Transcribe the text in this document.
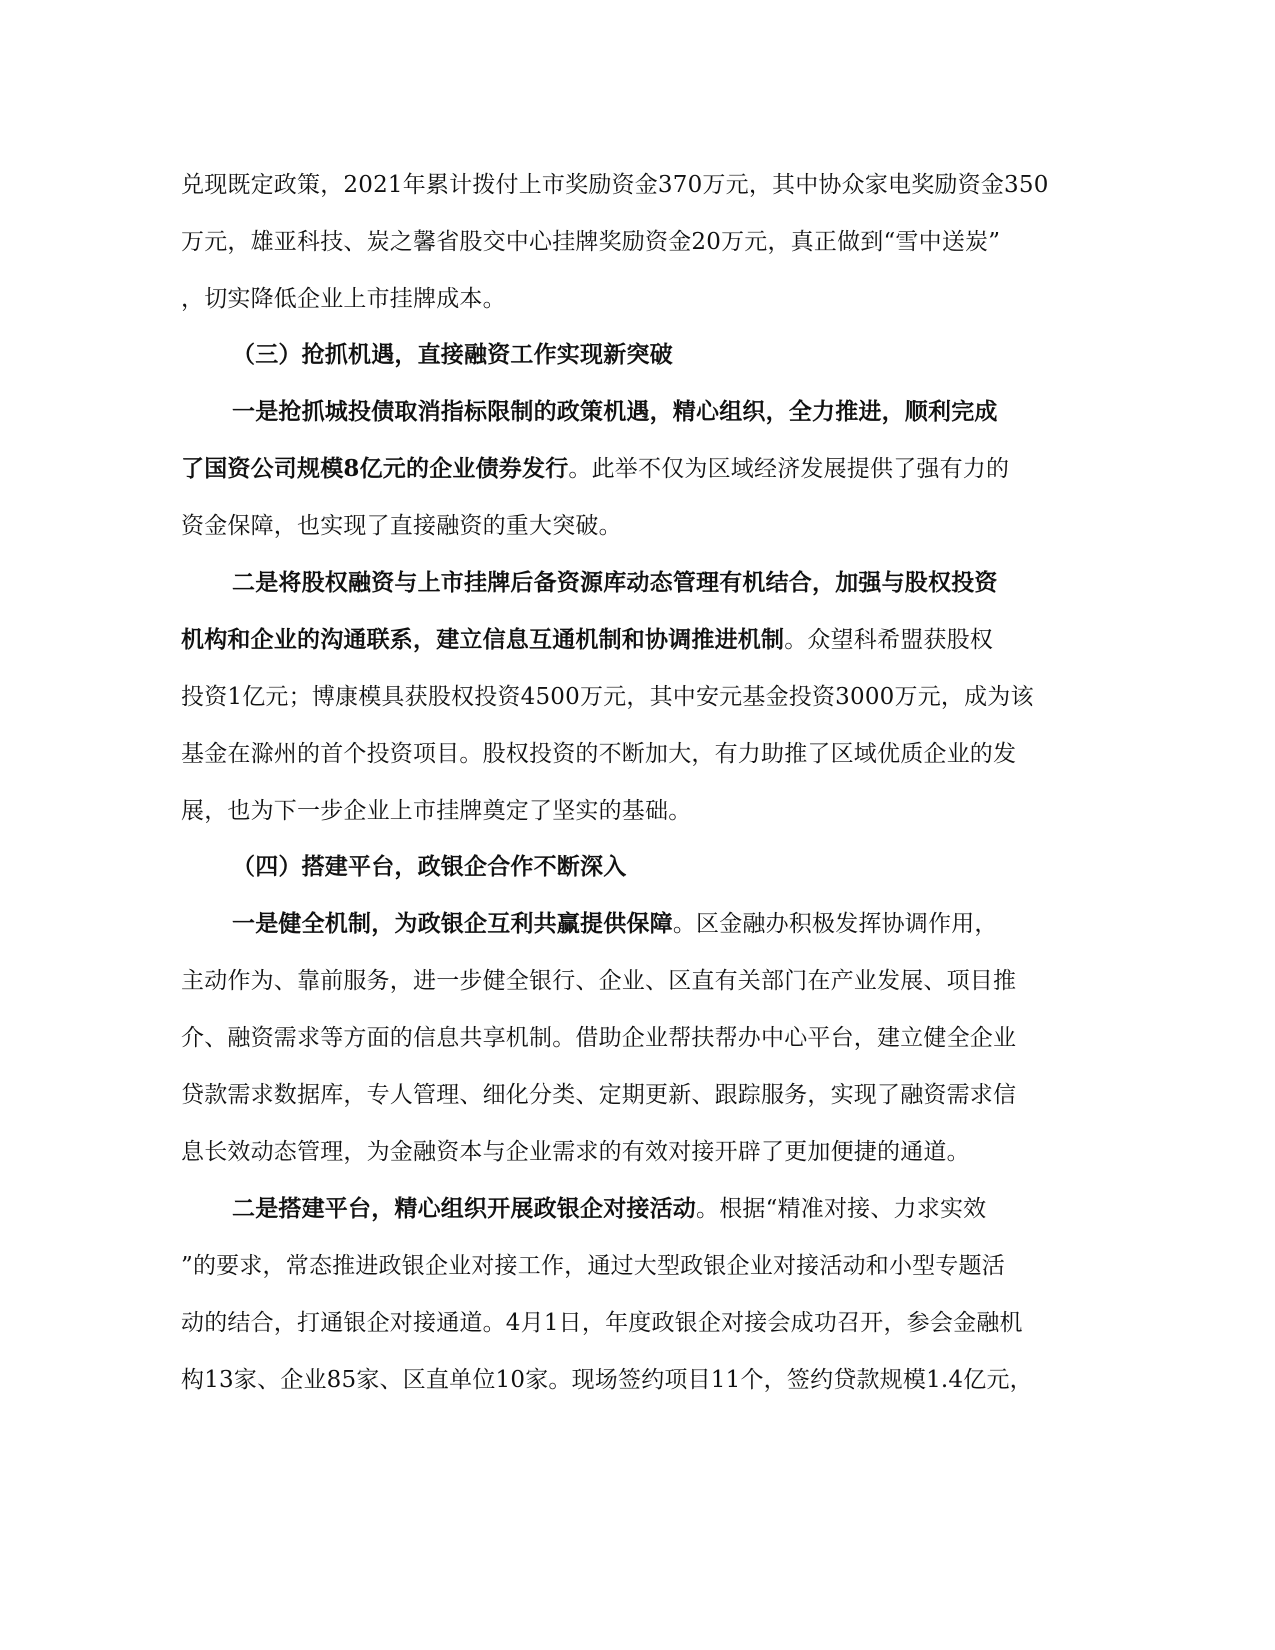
兑现既定政策，2021年累计拨付上市奖励资金370万元，其中协众家电奖励资金350
万元，雄亚科技、炭之馨省股交中心挂牌奖励资金20万元，真正做到“雪中送炭”
，切实降低企业上市挂牌成本。
（三）抢抓机遇，直接融资工作实现新突破
一是抢抓城投债取消指标限制的政策机遇，精心组织，全力推进，顺利完成
了国资公司规模8亿元的企业债券发行。此举不仅为区域经济发展提供了强有力的
资金保障，也实现了直接融资的重大突破。
二是将股权融资与上市挂牌后备资源库动态管理有机结合，加强与股权投资
机构和企业的沟通联系，建立信息互通机制和协调推进机制。众望科希盟获股权
投资1亿元；博康模具获股权投资4500万元，其中安元基金投资3000万元，成为该
基金在滁州的首个投资项目。股权投资的不断加大，有力助推了区域优质企业的发
展，也为下一步企业上市挂牌奠定了坚实的基础。
（四）搭建平台，政银企合作不断深入
一是健全机制，为政银企互利共赢提供保障。区金融办积极发挥协调作用，
主动作为、靠前服务，进一步健全银行、企业、区直有关部门在产业发展、项目推
介、融资需求等方面的信息共享机制。借助企业帮扶帮办中心平台，建立健全企业
贷款需求数据库，专人管理、细化分类、定期更新、跟踪服务，实现了融资需求信
息长效动态管理，为金融资本与企业需求的有效对接开辟了更加便捷的通道。
二是搭建平台，精心组织开展政银企对接活动。根据“精准对接、力求实效
”的要求，常态推进政银企业对接工作，通过大型政银企业对接活动和小型专题活
动的结合，打通银企对接通道。4月1日，年度政银企对接会成功召开，参会金融机
构13家、企业85家、区直单位10家。现场签约项目11个，签约贷款规模1.4亿元，
